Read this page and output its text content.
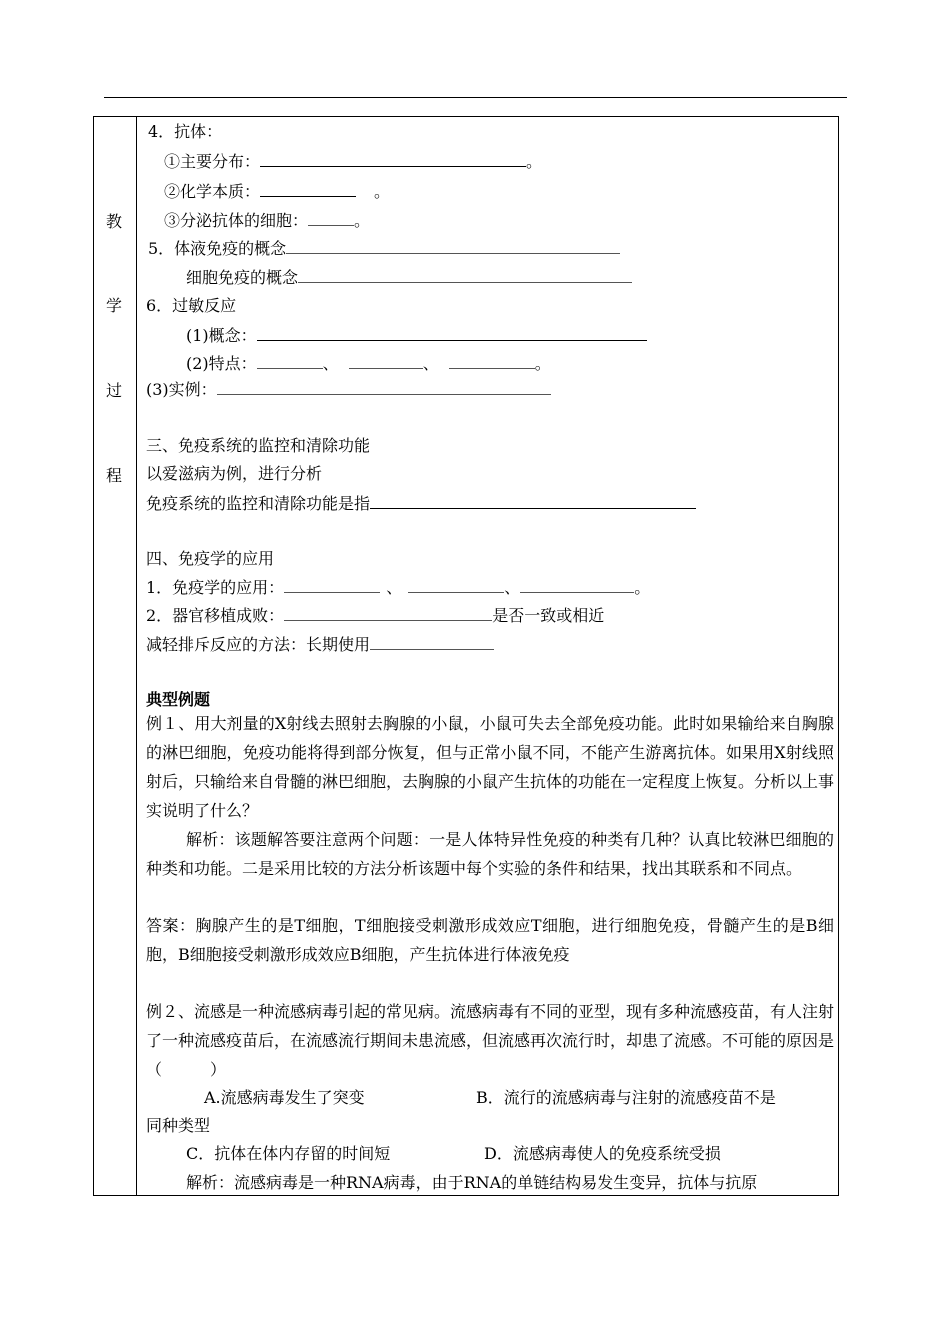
教
学
过
程
4．抗体：
①主要分布：	。
②化学本质：	。
③分泌抗体的细胞：	。
5．体液免疫的概念
细胞免疫的概念
6．过敏反应
(1)概念：
(2)特点：	、	、	。
(3)实例：
三、免疫系统的监控和清除功能
以爱滋病为例，进行分析
免疫系统的监控和清除功能是指
四、免疫学的应用
1．免疫学的应用：	、	、	。
2．器官移植成败：	是否一致或相近
减轻排斥反应的方法：长期使用
典型例题
例１、用大剂量的X射线去照射去胸腺的小鼠，小鼠可失去全部免疫功能。此时如果输给来自胸腺的淋巴细胞，免疫功能将得到部分恢复，但与正常小鼠不同，不能产生游离抗体。如果用X射线照射后，只输给来自骨髓的淋巴细胞，去胸腺的小鼠产生抗体的功能在一定程度上恢复。分析以上事实说明了什么？
解析：该题解答要注意两个问题：一是人体特异性免疫的种类有几种？认真比较淋巴细胞的种类和功能。二是采用比较的方法分析该题中每个实验的条件和结果，找出其联系和不同点。
答案：胸腺产生的是T细胞，T细胞接受刺激形成效应T细胞，进行细胞免疫，骨髓产生的是B细胞，B细胞接受刺激形成效应B细胞，产生抗体进行体液免疫
例２、流感是一种流感病毒引起的常见病。流感病毒有不同的亚型，现有多种流感疫苗，有人注射了一种流感疫苗后，在流感流行期间未患流感，但流感再次流行时，却患了流感。不可能的原因是（　　　）
A.流感病毒发生了突变	B．流行的流感病毒与注射的流感疫苗不是
同种类型
C．抗体在体内存留的时间短	D．流感病毒使人的免疫系统受损
解析：流感病毒是一种RNA病毒，由于RNA的单链结构易发生变异，抗体与抗原
